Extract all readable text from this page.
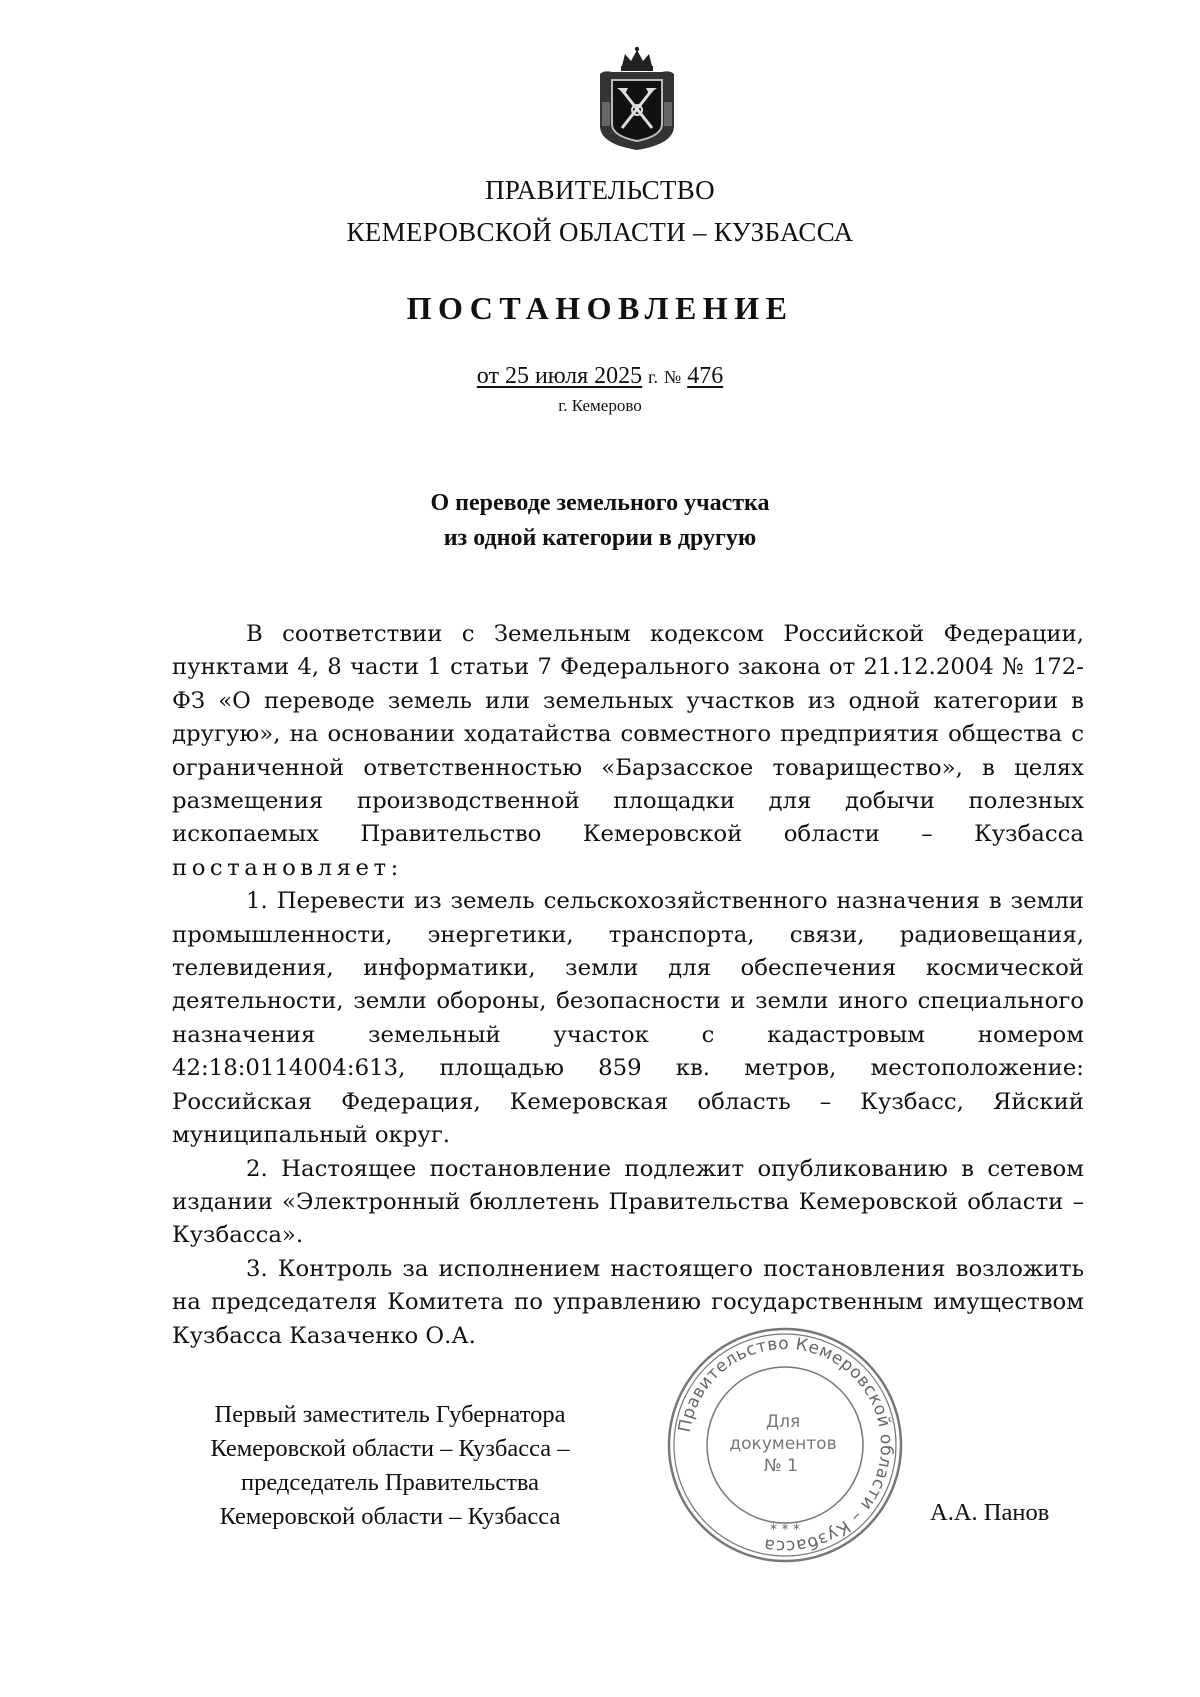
ПРАВИТЕЛЬСТВО
КЕМЕРОВСКОЙ ОБЛАСТИ – КУЗБАССА
ПОСТАНОВЛЕНИЕ
от 25 июля 2025 г. № 476
г. Кемерово
О переводе земельного участка
из одной категории в другую

В соответствии с Земельным кодексом Российской Федерации, пунктами 4, 8 части 1 статьи 7 Федерального закона от 21.12.2004 № 172-ФЗ «О переводе земель или земельных участков из одной категории в другую», на основании ходатайства совместного предприятия общества с ограниченной ответственностью «Барзасское товарищество», в целях размещения производственной площадки для добычи полезных ископаемых Правительство Кемеровской области – Кузбасса постановляет:

1. Перевести из земель сельскохозяйственного назначения в земли промышленности, энергетики, транспорта, связи, радиовещания, телевидения, информатики, земли для обеспечения космической деятельности, земли обороны, безопасности и земли иного специального назначения земельный участок с кадастровым номером 42:18:0114004:613, площадью 859 кв. метров, местоположение: Российская Федерация, Кемеровская область – Кузбасс, Яйский муниципальный округ.

2. Настоящее постановление подлежит опубликованию в сетевом издании «Электронный бюллетень Правительства Кемеровской области – Кузбасса».

3. Контроль за исполнением настоящего постановления возложить на председателя Комитета по управлению государственным имуществом Кузбасса Казаченко О.А.

Первый заместитель Губернатора
Кемеровской области – Кузбасса –
председатель Правительства
Кемеровской области – Кузбасса
Правительство Кемеровской области – Кузбасса
* * *
Для
документов
№ 1
А.А. Панов
